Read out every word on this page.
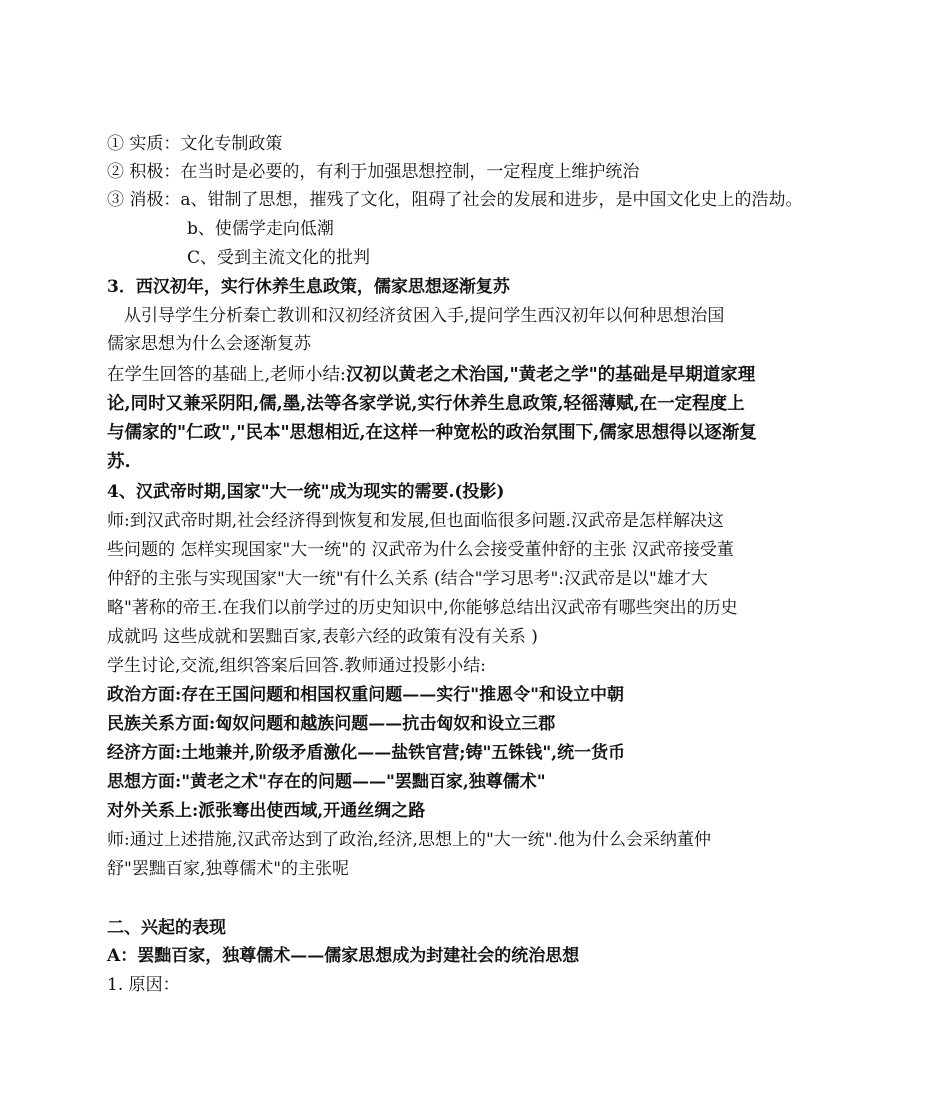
① 实质：文化专制政策
② 积极：在当时是必要的，有利于加强思想控制，一定程度上维护统治
③ 消极：a、钳制了思想，摧残了文化，阻碍了社会的发展和进步，是中国文化史上的浩劫。
b、使儒学走向低潮
C、受到主流文化的批判
3．西汉初年，实行休养生息政策，儒家思想逐渐复苏
从引导学生分析秦亡教训和汉初经济贫困入手,提问学生西汉初年以何种思想治国
儒家思想为什么会逐渐复苏
在学生回答的基础上,老师小结:汉初以黄老之术治国,"黄老之学"的基础是早期道家理
论,同时又兼采阴阳,儒,墨,法等各家学说,实行休养生息政策,轻徭薄赋,在一定程度上
与儒家的"仁政","民本"思想相近,在这样一种宽松的政治氛围下,儒家思想得以逐渐复
苏.
4、汉武帝时期,国家"大一统"成为现实的需要.(投影)
师:到汉武帝时期,社会经济得到恢复和发展,但也面临很多问题.汉武帝是怎样解决这
些问题的 怎样实现国家"大一统"的 汉武帝为什么会接受董仲舒的主张 汉武帝接受董
仲舒的主张与实现国家"大一统"有什么关系 (结合"学习思考":汉武帝是以"雄才大
略"著称的帝王.在我们以前学过的历史知识中,你能够总结出汉武帝有哪些突出的历史
成就吗 这些成就和罢黜百家,表彰六经的政策有没有关系 )
学生讨论,交流,组织答案后回答.教师通过投影小结:
政治方面:存在王国问题和相国权重问题——实行"推恩令"和设立中朝
民族关系方面:匈奴问题和越族问题——抗击匈奴和设立三郡
经济方面:土地兼并,阶级矛盾激化——盐铁官营;铸"五铢钱",统一货币
思想方面:"黄老之术"存在的问题——"罢黜百家,独尊儒术"
对外关系上:派张骞出使西域,开通丝绸之路
师:通过上述措施,汉武帝达到了政治,经济,思想上的"大一统".他为什么会采纳董仲
舒"罢黜百家,独尊儒术"的主张呢
二、兴起的表现
A：罢黜百家，独尊儒术——儒家思想成为封建社会的统治思想
1. 原因：
